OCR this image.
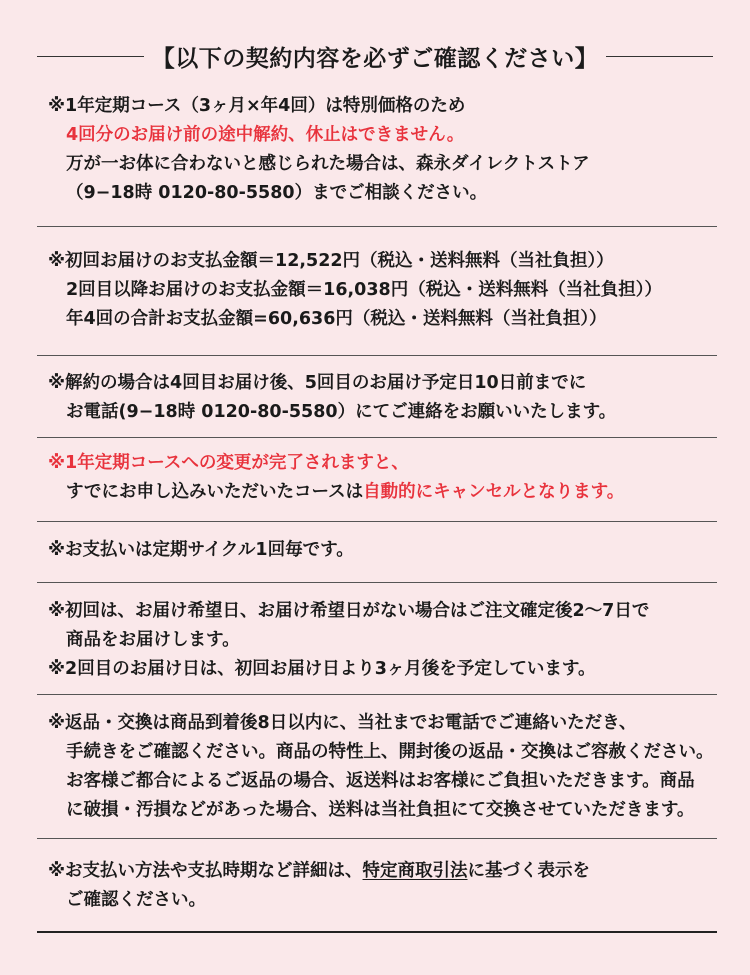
【以下の契約内容を必ずご確認ください】
※1年定期コース（3ヶ月×年4回）は特別価格のため
4回分のお届け前の途中解約、休止はできません。
万が一お体に合わないと感じられた場合は、森永ダイレクトストア
（9−18時 0120-80-5580）までご相談ください。
※初回お届けのお支払金額＝12,522円（税込・送料無料（当社負担））
2回目以降お届けのお支払金額＝16,038円（税込・送料無料（当社負担））
年4回の合計お支払金額=60,636円（税込・送料無料（当社負担））
※解約の場合は4回目お届け後、5回目のお届け予定日10日前までに
お電話(9−18時 0120-80-5580）にてご連絡をお願いいたします。
※1年定期コースへの変更が完了されますと、
すでにお申し込みいただいたコースは自動的にキャンセルとなります。
※お支払いは定期サイクル1回毎です。
※初回は、お届け希望日、お届け希望日がない場合はご注文確定後2〜7日で
商品をお届けします。
※2回目のお届け日は、初回お届け日より3ヶ月後を予定しています。
※返品・交換は商品到着後8日以内に、当社までお電話でご連絡いただき、
手続きをご確認ください。商品の特性上、開封後の返品・交換はご容赦ください。
お客様ご都合によるご返品の場合、返送料はお客様にご負担いただきます。商品
に破損・汚損などがあった場合、送料は当社負担にて交換させていただきます。
※お支払い方法や支払時期など詳細は、特定商取引法に基づく表示を
ご確認ください。
